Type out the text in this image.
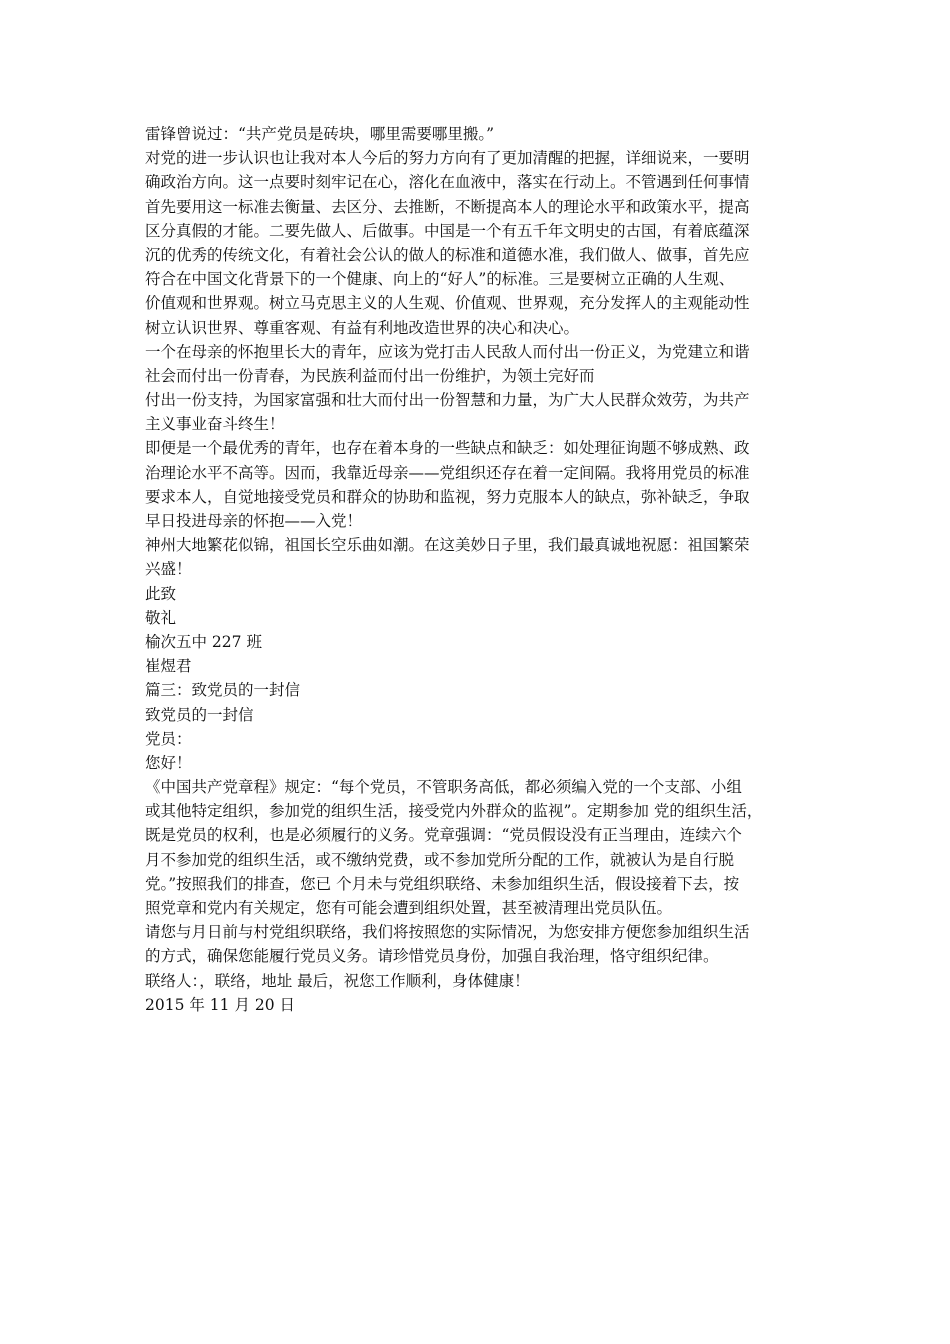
雷锋曾说过：“共产党员是砖块，哪里需要哪里搬。”
对党的进一步认识也让我对本人今后的努力方向有了更加清醒的把握，详细说来，一要明
确政治方向。这一点要时刻牢记在心，溶化在血液中，落实在行动上。不管遇到任何事情
首先要用这一标准去衡量、去区分、去推断，不断提高本人的理论水平和政策水平，提高
区分真假的才能。二要先做人、后做事。中国是一个有五千年文明史的古国，有着底蕴深
沉的优秀的传统文化，有着社会公认的做人的标准和道德水准，我们做人、做事，首先应
符合在中国文化背景下的一个健康、向上的“好人”的标准。三是要树立正确的人生观、
价值观和世界观。树立马克思主义的人生观、价值观、世界观，充分发挥人的主观能动性
树立认识世界、尊重客观、有益有利地改造世界的决心和决心。
一个在母亲的怀抱里长大的青年，应该为党打击人民敌人而付出一份正义，为党建立和谐
社会而付出一份青春，为民族利益而付出一份维护，为领土完好而
付出一份支持，为国家富强和壮大而付出一份智慧和力量，为广大人民群众效劳，为共产
主义事业奋斗终生！
即便是一个最优秀的青年，也存在着本身的一些缺点和缺乏：如处理征询题不够成熟、政
治理论水平不高等。因而，我靠近母亲——党组织还存在着一定间隔。我将用党员的标准
要求本人，自觉地接受党员和群众的协助和监视，努力克服本人的缺点，弥补缺乏，争取
早日投进母亲的怀抱——入党！
神州大地繁花似锦，祖国长空乐曲如潮。在这美妙日子里，我们最真诚地祝愿：祖国繁荣
兴盛！
此致
敬礼
榆次五中 227 班
崔煜君
篇三：致党员的一封信
致党员的一封信
党员：
您好！
《中国共产党章程》规定：“每个党员，不管职务高低，都必须编入党的一个支部、小组
或其他特定组织，参加党的组织生活，接受党内外群众的监视”。定期参加 党的组织生活，
既是党员的权利，也是必须履行的义务。党章强调：“党员假设没有正当理由，连续六个
月不参加党的组织生活，或不缴纳党费，或不参加党所分配的工作，就被认为是自行脱
党。”按照我们的排查，您已 个月未与党组织联络、未参加组织生活，假设接着下去，按
照党章和党内有关规定，您有可能会遭到组织处置，甚至被清理出党员队伍。
请您与月日前与村党组织联络，我们将按照您的实际情况，为您安排方便您参加组织生活
的方式，确保您能履行党员义务。请珍惜党员身份，加强自我治理，恪守组织纪律。
联络人：，联络，地址 最后，祝您工作顺利，身体健康！
2015 年 11 月 20 日
